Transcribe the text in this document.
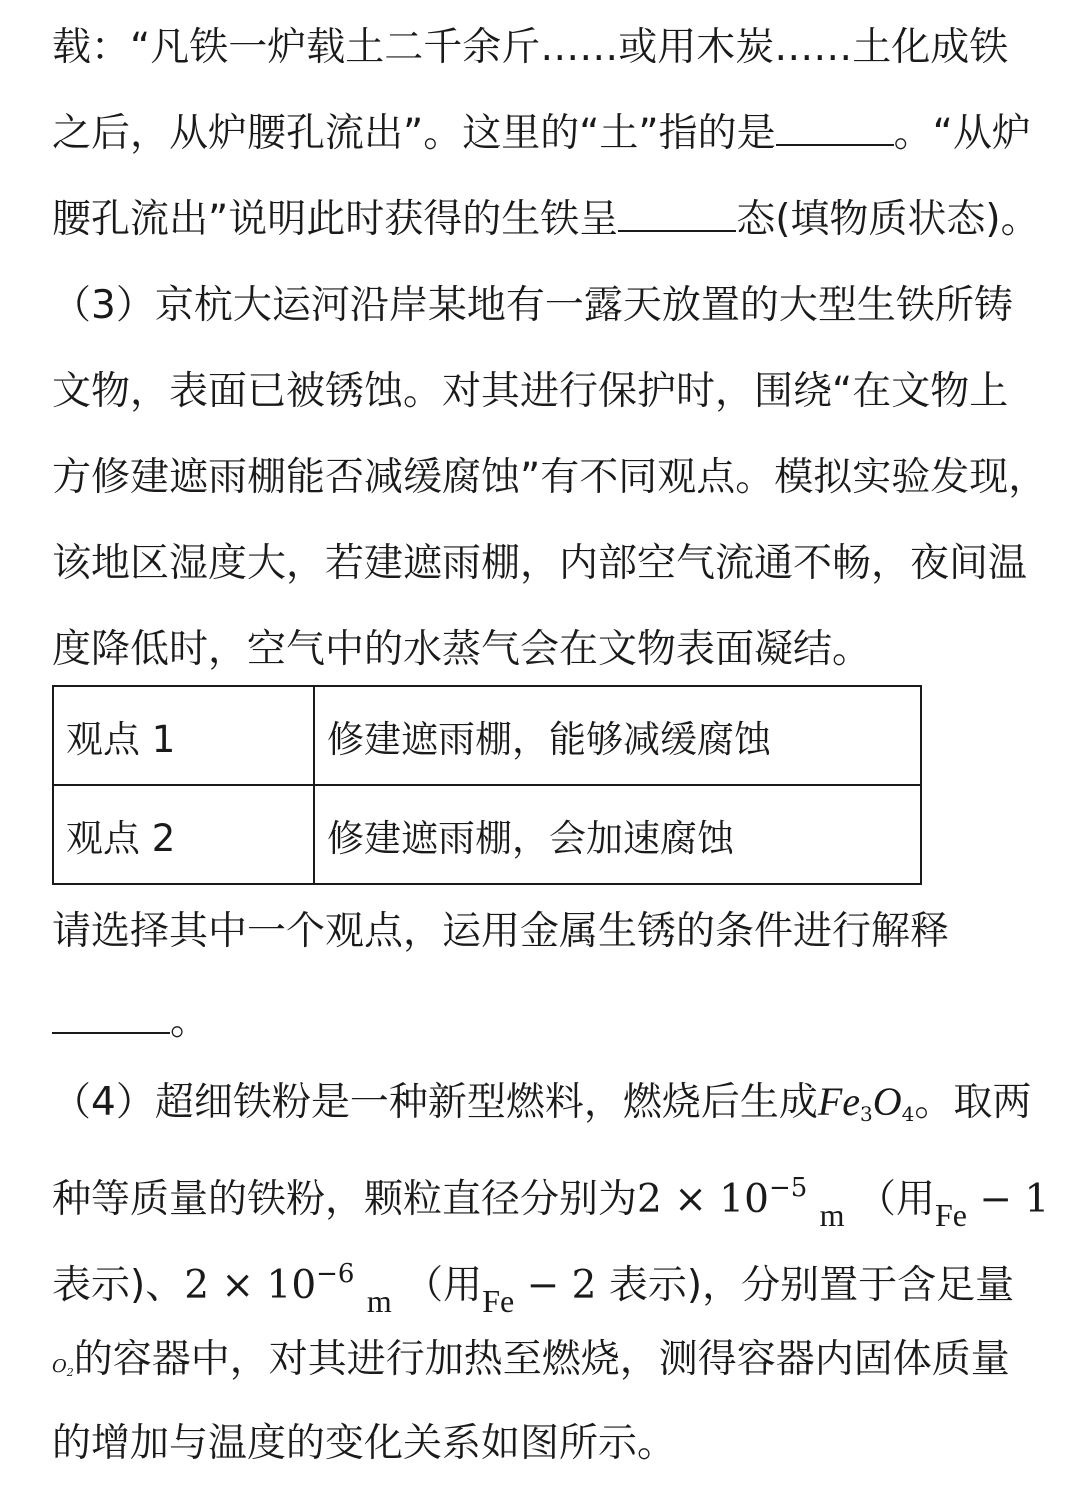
载：“凡铁一炉载土二千余斤……或用木炭……土化成铁
之后，从炉腰孔流出”。这里的“土”指的是	。“从炉
腰孔流出”说明此时获得的生铁呈	态(填物质状态)。
（3）京杭大运河沿岸某地有一露天放置的大型生铁所铸
文物，表面已被锈蚀。对其进行保护时，围绕“在文物上
方修建遮雨棚能否减缓腐蚀”有不同观点。模拟实验发现，
该地区湿度大，若建遮雨棚，内部空气流通不畅，夜间温
度降低时，空气中的水蒸气会在文物表面凝结。
观点 1	修建遮雨棚，能够减缓腐蚀
观点 2	修建遮雨棚，会加速腐蚀
请选择其中一个观点，运用金属生锈的条件进行解释
。
（4）超细铁粉是一种新型燃料，燃烧后生成$Fe_3O_4$。取两
种等质量的铁粉，颗粒直径分别为$2 \times 10^{-5}$ $_m$ （用$_{Fe}$ − 1
表示)、$2 \times 10^{-6}$ $_m$ （用$_{Fe}$ − 2 表示)，分别置于含足量
$O_2$的容器中，对其进行加热至燃烧，测得容器内固体质量
的增加与温度的变化关系如图所示。
